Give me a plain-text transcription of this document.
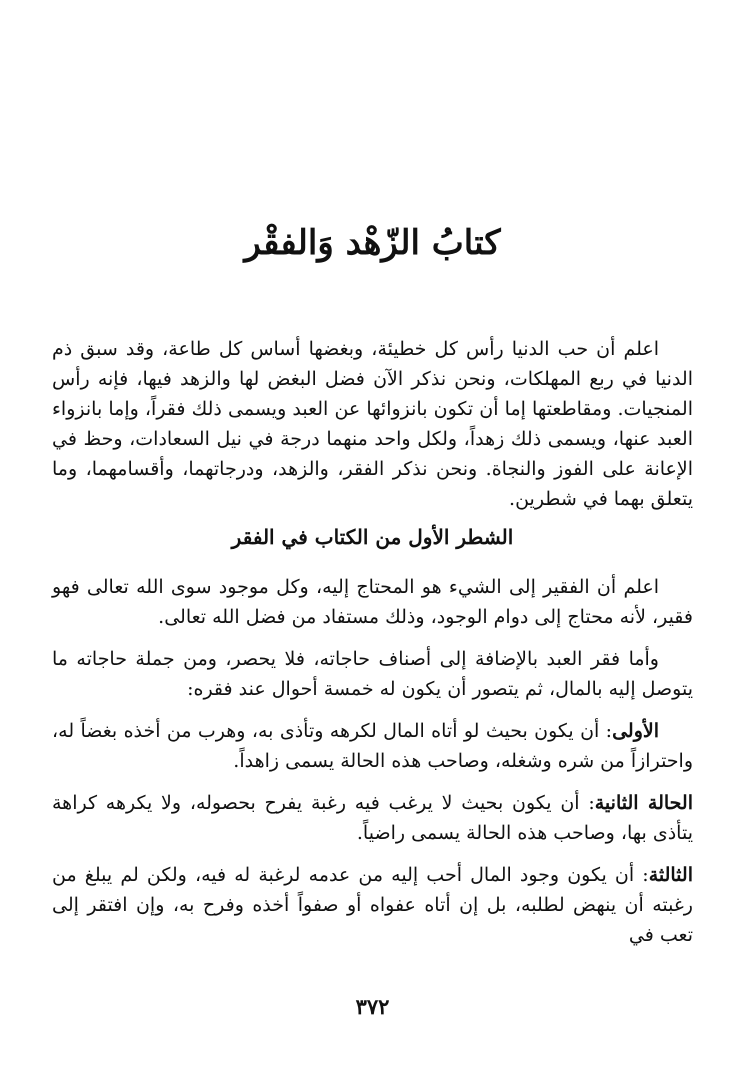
كتابُ الزّهْد وَالفقْر

اعلم أن حب الدنيا رأس كل خطيئة، وبغضها أساس كل طاعة، وقد سبق ذم الدنيا في ربع المهلكات، ونحن نذكر الآن فضل البغض لها والزهد فيها، فإنه رأس المنجيات. ومقاطعتها إما أن تكون بانزوائها عن العبد ويسمى ذلك فقراً، وإما بانزواء العبد عنها، ويسمى ذلك زهداً، ولكل واحد منهما درجة في نيل السعادات، وحظ في الإعانة على الفوز والنجاة. ونحن نذكر الفقر، والزهد، ودرجاتهما، وأقسامهما، وما يتعلق بهما في شطرين.

الشطر الأول من الكتاب في الفقر

اعلم أن الفقير إلى الشيء هو المحتاج إليه، وكل موجود سوى الله تعالى فهو فقير، لأنه محتاج إلى دوام الوجود، وذلك مستفاد من فضل الله تعالى.

وأما فقر العبد بالإضافة إلى أصناف حاجاته، فلا يحصر، ومن جملة حاجاته ما يتوصل إليه بالمال، ثم يتصور أن يكون له خمسة أحوال عند فقره:

الأولى: أن يكون بحيث لو أتاه المال لكرهه وتأذى به، وهرب من أخذه بغضاً له، واحترازاً من شره وشغله، وصاحب هذه الحالة يسمى زاهداً.

الحالة الثانية: أن يكون بحيث لا يرغب فيه رغبة يفرح بحصوله، ولا يكرهه كراهة يتأذى بها، وصاحب هذه الحالة يسمى راضياً.

الثالثة: أن يكون وجود المال أحب إليه من عدمه لرغبة له فيه، ولكن لم يبلغ من رغبته أن ينهض لطلبه، بل إن أتاه عفواه أو صفواً أخذه وفرح به، وإن افتقر إلى تعب في

٣٧٢
